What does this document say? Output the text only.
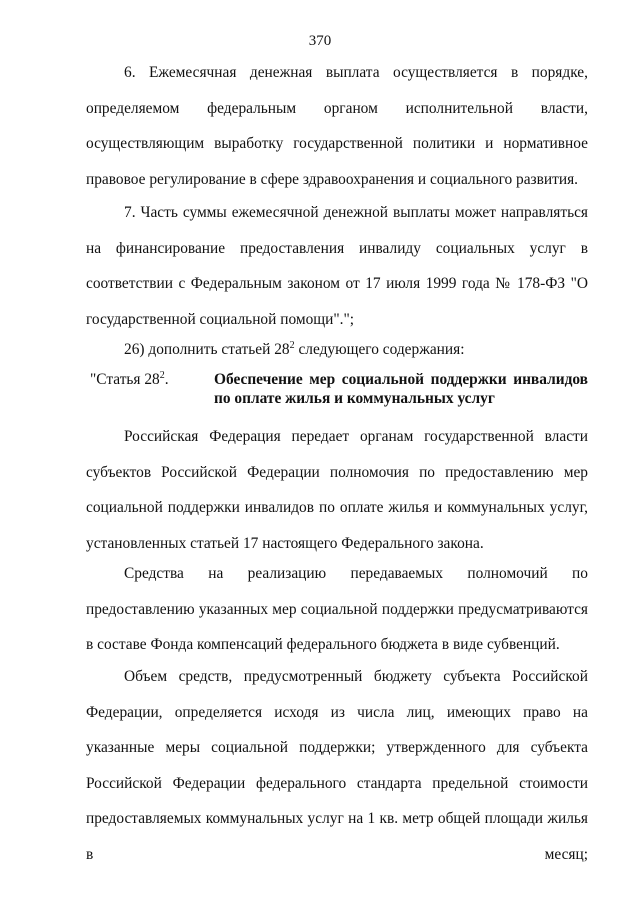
370
6. Ежемесячная денежная выплата осуществляется в порядке, определяемом федеральным органом исполнительной власти, осуществляющим выработку государственной политики и нормативное правовое регулирование в сфере здравоохранения и социального развития.
7. Часть суммы ежемесячной денежной выплаты может направляться на финансирование предоставления инвалиду социальных услуг в соответствии с Федеральным законом от 17 июля 1999 года № 178-ФЗ "О государственной социальной помощи".";
26) дополнить статьей $28^2$ следующего содержания:
"Статья $28^2$.	Обеспечение мер социальной поддержки инвалидов по оплате жилья и коммунальных услуг
Российская Федерация передает органам государственной власти субъектов Российской Федерации полномочия по предоставлению мер социальной поддержки инвалидов по оплате жилья и коммунальных услуг, установленных статьей 17 настоящего Федерального закона.
Средства на реализацию передаваемых полномочий по предоставлению указанных мер социальной поддержки предусматриваются в составе Фонда компенсаций федерального бюджета в виде субвенций.
Объем средств, предусмотренный бюджету субъекта Российской Федерации, определяется исходя из числа лиц, имеющих право на указанные меры социальной поддержки; утвержденного для субъекта Российской Федерации федерального стандарта предельной стоимости предоставляемых коммунальных услуг на 1 кв. метр общей площади жилья в месяц;
